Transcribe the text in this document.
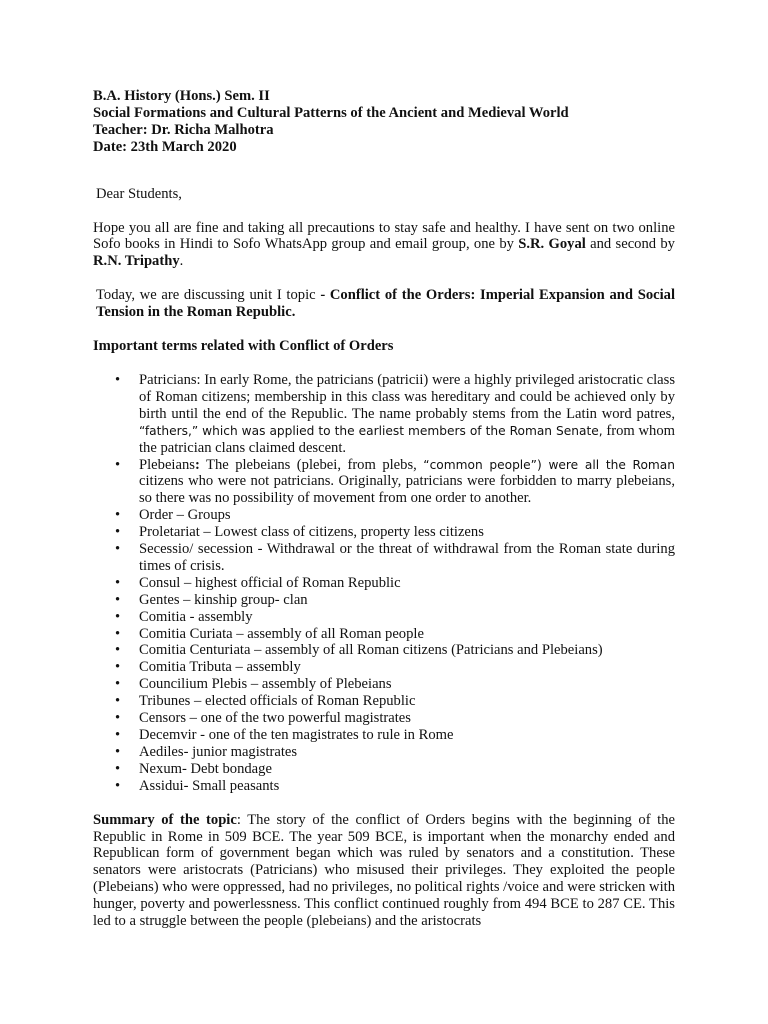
B.A. History (Hons.) Sem. II

Social Formations and Cultural Patterns of the Ancient and Medieval World

Teacher: Dr. Richa Malhotra

Date: 23th March 2020

Dear Students,

Hope you all are fine and taking all precautions to stay safe and healthy. I have sent on two online Sofo books in Hindi to Sofo WhatsApp group and email group, one by S.R. Goyal and second by R.N. Tripathy.

Today, we are discussing unit I topic - Conflict of the Orders: Imperial Expansion and Social Tension in the Roman Republic.

Important terms related with Conflict of Orders

• Patricians: In early Rome, the patricians (patricii) were a highly privileged aristocratic class of Roman citizens; membership in this class was hereditary and could be achieved only by birth until the end of the Republic. The name probably stems from the Latin word patres, “fathers,” which was applied to the earliest members of the Roman Senate, from whom the patrician clans claimed descent.
• Plebeians: The plebeians (plebei, from plebs, “common people”) were all the Roman citizens who were not patricians. Originally, patricians were forbidden to marry plebeians, so there was no possibility of movement from one order to another.
• Order – Groups
• Proletariat – Lowest class of citizens, property less citizens
• Secessio/ secession - Withdrawal or the threat of withdrawal from the Roman state during times of crisis.
• Consul – highest official of Roman Republic
• Gentes – kinship group- clan
• Comitia - assembly
• Comitia Curiata – assembly of all Roman people
• Comitia Centuriata – assembly of all Roman citizens (Patricians and Plebeians)
• Comitia Tributa – assembly
• Councilium Plebis – assembly of Plebeians
• Tribunes – elected officials of Roman Republic
• Censors – one of the two powerful magistrates
• Decemvir - one of the ten magistrates to rule in Rome
• Aediles- junior magistrates
• Nexum- Debt bondage
• Assidui- Small peasants

Summary of the topic: The story of the conflict of Orders begins with the beginning of the Republic in Rome in 509 BCE. The year 509 BCE, is important when the monarchy ended and Republican form of government began which was ruled by senators and a constitution. These senators were aristocrats (Patricians) who misused their privileges. They exploited the people (Plebeians) who were oppressed, had no privileges, no political rights /voice and were stricken with hunger, poverty and powerlessness. This conflict continued roughly from 494 BCE to 287 CE. This led to a struggle between the people (plebeians) and the aristocrats
